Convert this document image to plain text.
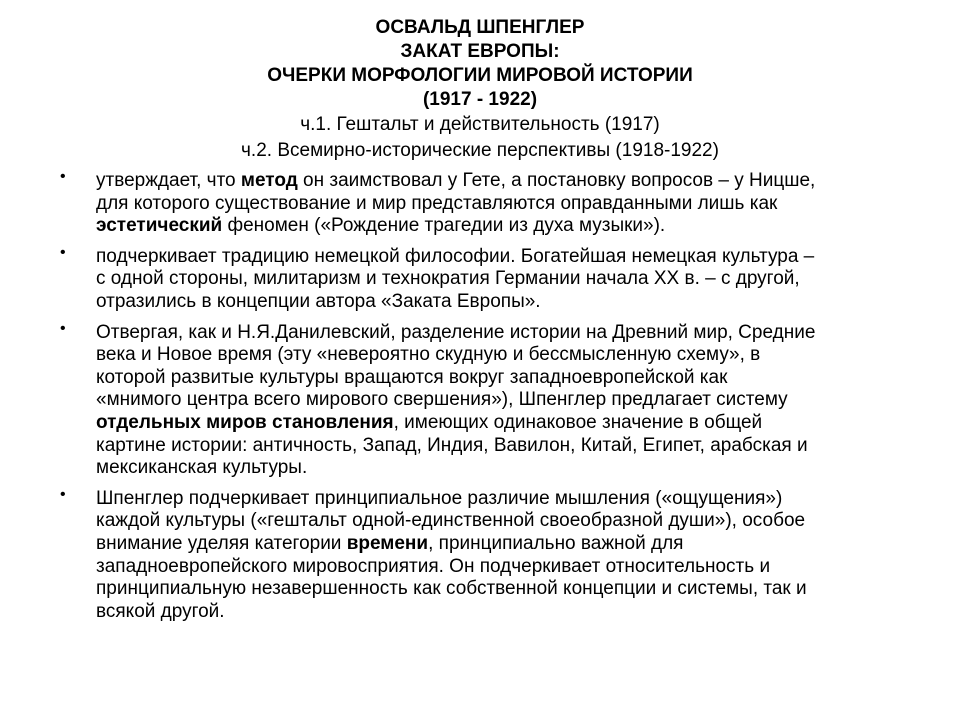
ОСВАЛЬД ШПЕНГЛЕР
ЗАКАТ ЕВРОПЫ:
ОЧЕРКИ МОРФОЛОГИИ МИРОВОЙ ИСТОРИИ
(1917 - 1922)
ч.1. Гештальт и действительность (1917)
ч.2. Всемирно-исторические перспективы (1918-1922)
• утверждает, что метод он заимствовал у Гете, а постановку вопросов – у Ницше,
для которого существование и мир представляются оправданными лишь как
эстетический феномен («Рождение трагедии из духа музыки»).
• подчеркивает традицию немецкой философии. Богатейшая немецкая культура –
с одной стороны, милитаризм и технократия Германии начала XX в. – с другой,
отразились в концепции автора «Заката Европы».
• Отвергая, как и Н.Я.Данилевский, разделение истории на Древний мир, Средние
века и Новое время (эту «невероятно скудную и бессмысленную схему», в
которой развитые культуры вращаются вокруг западноевропейской как
«мнимого центра всего мирового свершения»), Шпенглер предлагает систему
отдельных миров становления, имеющих одинаковое значение в общей
картине истории: античность, Запад, Индия, Вавилон, Китай, Египет, арабская и
мексиканская культуры.
• Шпенглер подчеркивает принципиальное различие мышления («ощущения»)
каждой культуры («гештальт одной-единственной своеобразной души»), особое
внимание уделяя категории времени, принципиально важной для
западноевропейского мировосприятия. Он подчеркивает относительность и
принципиальную незавершенность как собственной концепции и системы, так и
всякой другой.
